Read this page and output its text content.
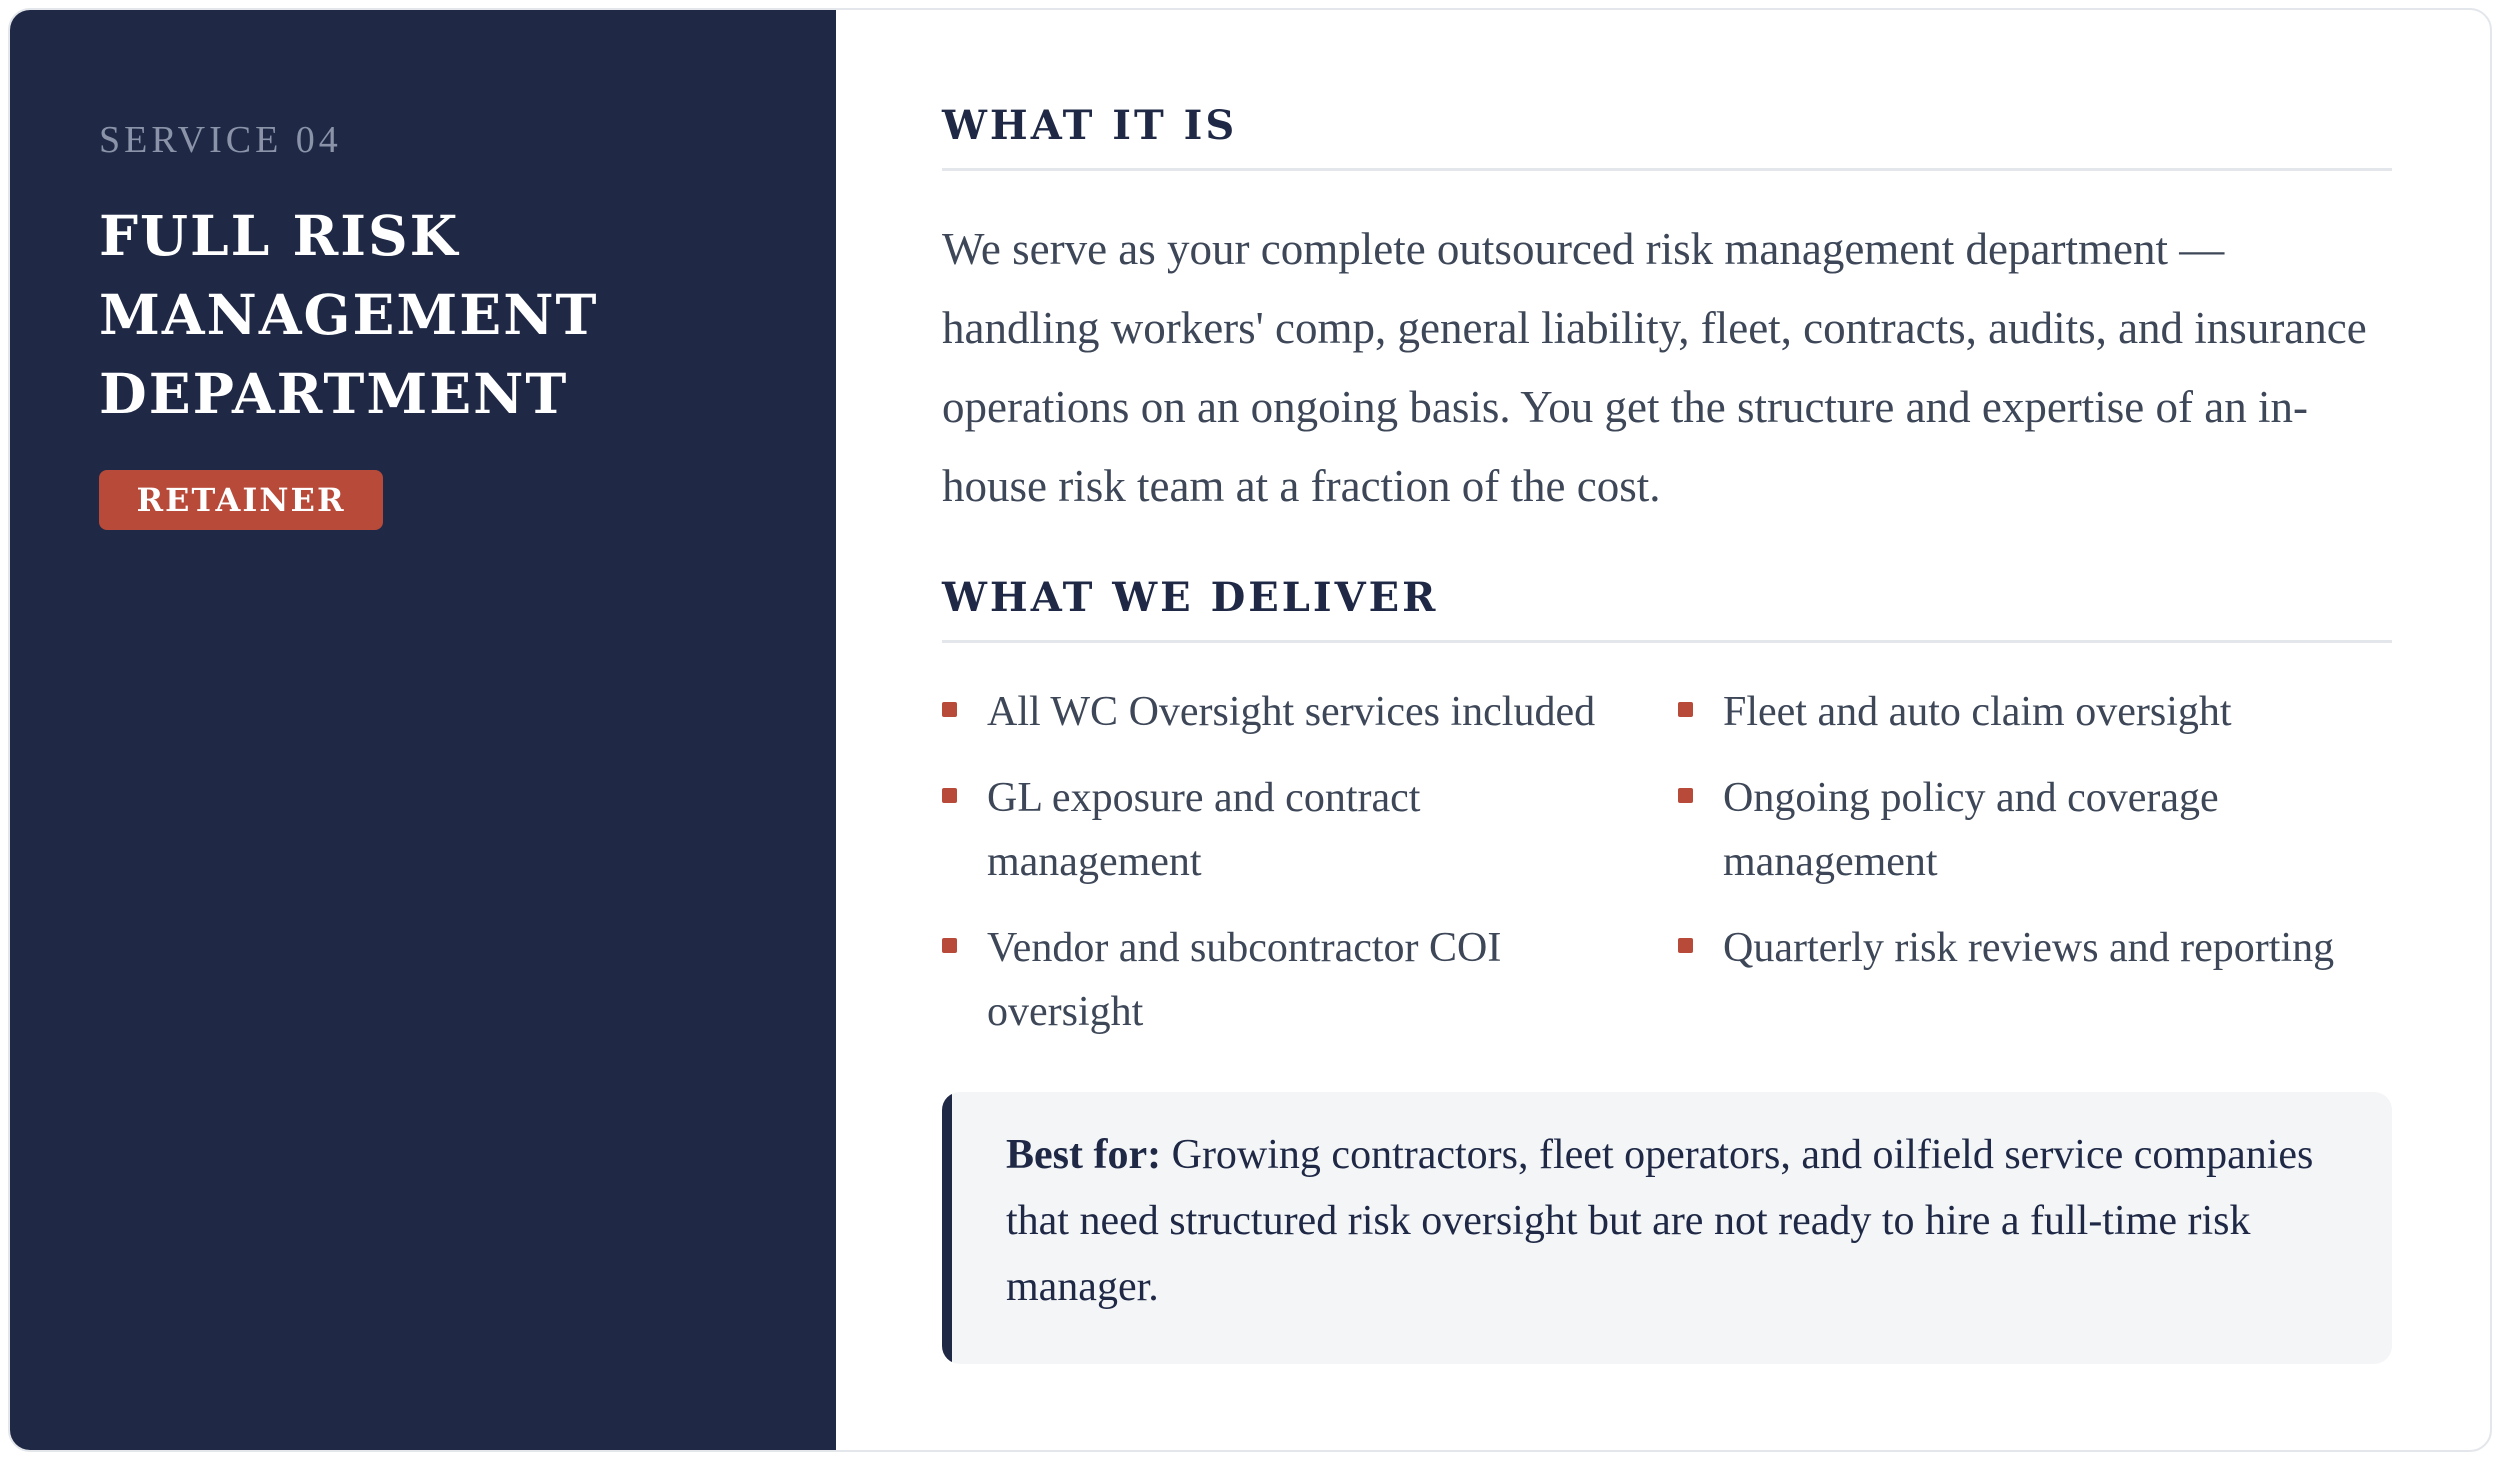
SERVICE 04
FULL RISK MANAGEMENT DEPARTMENT
RETAINER
WHAT IT IS
We serve as your complete outsourced risk management department — handling workers' comp, general liability, fleet, contracts, audits, and insurance operations on an ongoing basis. You get the structure and expertise of an in-house risk team at a fraction of the cost.
WHAT WE DELIVER
All WC Oversight services included	Fleet and auto claim oversight
GL exposure and contract management
Ongoing policy and coverage management
Vendor and subcontractor COI oversight
Quarterly risk reviews and reporting
Best for: Growing contractors, fleet operators, and oilfield service companies that need structured risk oversight but are not ready to hire a full-time risk manager.
